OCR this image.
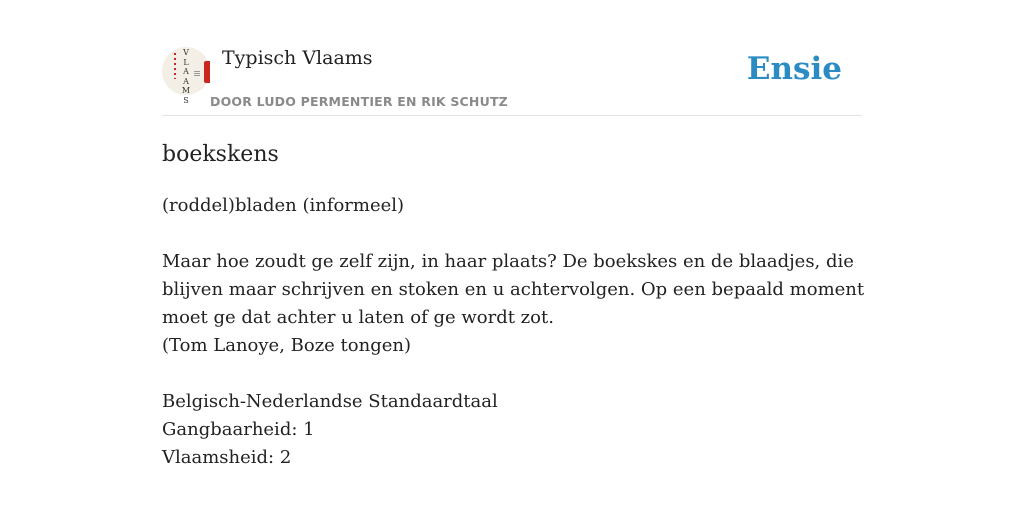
V
L
A
A
M
S
Typisch Vlaams
DOOR LUDO PERMENTIER EN RIK SCHUTZ
Ensie
boekskens
(roddel)bladen (informeel)
Maar hoe zoudt ge zelf zijn, in haar plaats? De boekskes en de blaadjes, die
blijven maar schrijven en stoken en u achtervolgen. Op een bepaald moment
moet ge dat achter u laten of ge wordt zot.
(Tom Lanoye, Boze tongen)
Belgisch-Nederlandse Standaardtaal
Gangbaarheid: 1
Vlaamsheid: 2
